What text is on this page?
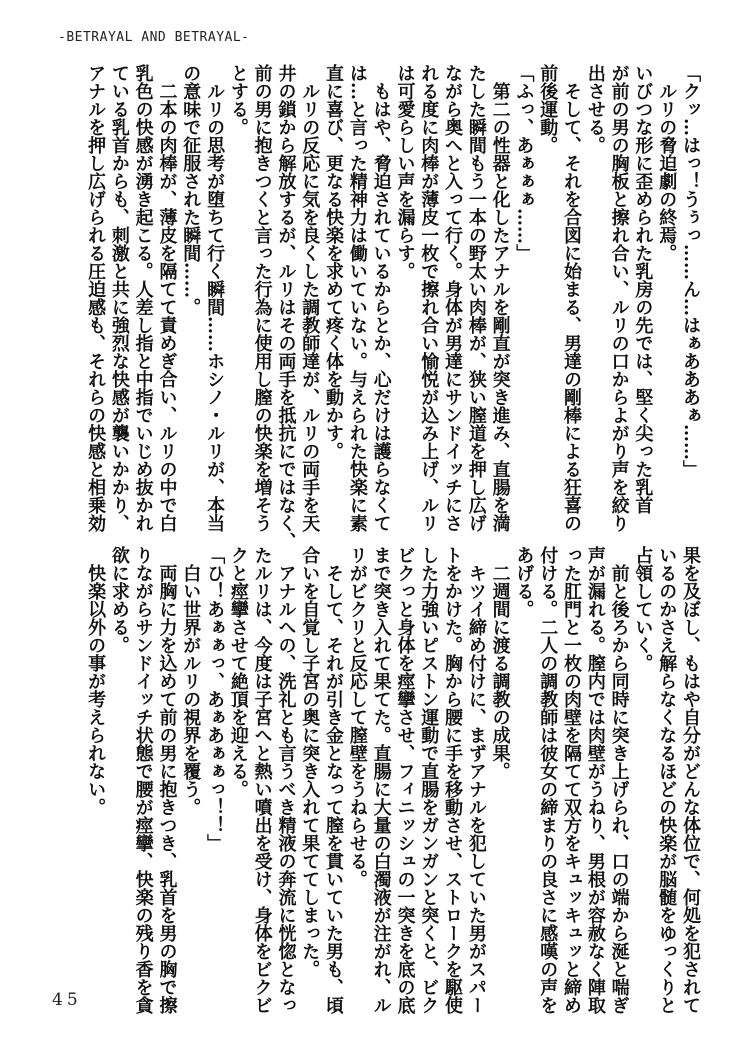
-BETRAYAL AND BETRAYAL-
「クッ…はっ！うぅっ……ん…はぁあああぁ……」
　ルリの脅迫劇の終焉。
いびつな形に歪められた乳房の先では、堅く尖った乳首
が前の男の胸板と擦れ合い、ルリの口からよがり声を絞り
出させる。
　そして、それを合図に始まる、男達の剛棒による狂喜の
前後運動。
「ふっ、あぁぁぁ……」
　第二の性器と化したアナルを剛直が突き進み、直腸を満
たした瞬間もう一本の野太い肉棒が、狭い膣道を押し広げ
ながら奥へと入って行く。身体が男達にサンドイッチにさ
れる度に肉棒が薄皮一枚で擦れ合い愉悦が込み上げ、ルリ
は可愛らしい声を漏らす。
　もはや、脅迫されているからとか、心だけは護らなくて
は…と言った精神力は働いていない。与えられた快楽に素
直に喜び、更なる快楽を求めて疼く体を動かす。
　ルリの反応に気を良くした調教師達が、ルリの両手を天
井の鎖から解放するが、ルリはその両手を抵抗にではなく、
前の男に抱きつくと言った行為に使用し膣の快楽を増そう
とする。
　ルリの思考が堕ちて行く瞬間……ホシノ・ルリが、本当
の意味で征服された瞬間……。
　二本の肉棒が、薄皮を隔てて責めぎ合い、ルリの中で白
乳色の快感が湧き起こる。人差し指と中指でいじめ抜かれ
ている乳首からも、刺激と共に強烈な快感が襲いかかり、
アナルを押し広げられる圧迫感も、それらの快感と相乗効
果を及ぼし、もはや自分がどんな体位で、何処を犯されて
いるのかさえ解らなくなるほどの快楽が脳髄をゆっくりと
占領していく。
　前と後ろから同時に突き上げられ、口の端から涎と喘ぎ
声が漏れる。膣内では肉壁がうねり、男根が容赦なく陣取
った肛門と一枚の肉壁を隔てて双方をキュッキュッと締め
付ける。二人の調教師は彼女の締まりの良さに感嘆の声を
あげる。
　二週間に渡る調教の成果。
　キツイ締め付けに、まずアナルを犯していた男がスパー
トをかけた。胸から腰に手を移動させ、ストロークを駆使
した力強いピストン運動で直腸をガンガンと突くと、ビク
ビクっと身体を痙攣させ、フィニッシュの一突きを底の底
まで突き入れて果てた。直腸に大量の白濁液が注がれ、ル
リがビクリと反応して膣壁をうねらせる。
　そして、それが引き金となって膣を貫いていた男も、頃
合いを自覚し子宮の奥に突き入れて果ててしまった。
　アナルへの、洗礼とも言うべき精液の奔流に恍惚となっ
たルリは、今度は子宮へと熱い噴出を受け、身体をビクビ
クと痙攣させて絶頂を迎える。
「ひ！あぁぁっ、あぁあぁぁっ！！」
　白い世界がルリの視界を覆う。
　両胸に力を込めて前の男に抱きつき、乳首を男の胸で擦
りながらサンドイッチ状態で腰が痙攣、快楽の残り香を貪
欲に求める。
　快楽以外の事が考えられない。
45
